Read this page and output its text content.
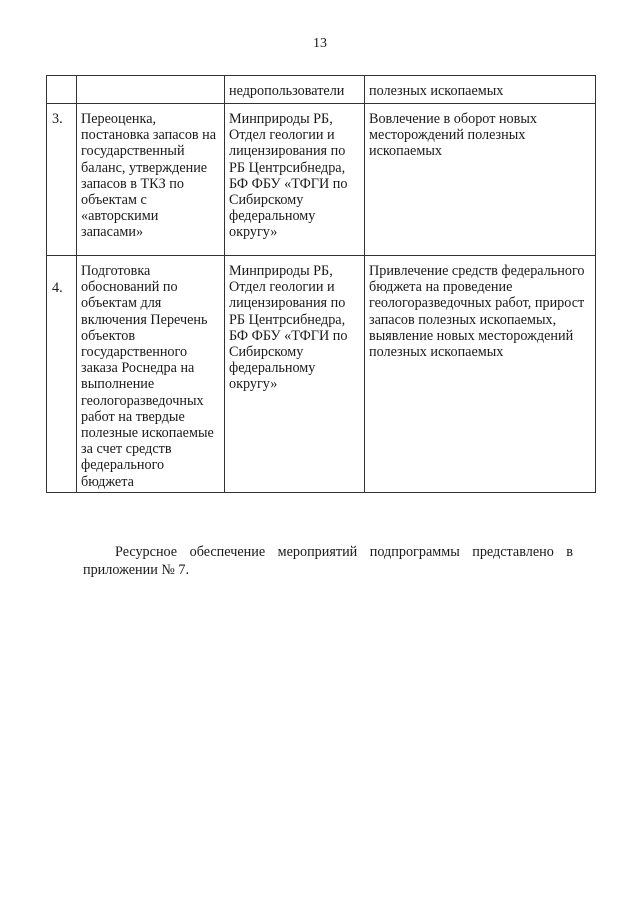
13
		недропользователи	полезных ископаемых
3.	Переоценка, постановка запасов на государственный баланс, утверждение запасов в ТКЗ по объектам с «авторскими запасами»	Минприроды РБ, Отдел геологии и лицензирования по РБ Центрсибнедра, БФ ФБУ «ТФГИ по Сибирскому федеральному округу»	Вовлечение в оборот новых месторождений полезных ископаемых
4.	Подготовка обоснований по объектам для включения Перечень объектов государственного заказа Роснедра на выполнение геологоразведочных работ на твердые полезные ископаемые за счет средств федерального бюджета	Минприроды РБ, Отдел геологии и лицензирования по РБ Центрсибнедра, БФ ФБУ «ТФГИ по Сибирскому федеральному округу»	Привлечение средств федерального бюджета на проведение геологоразведочных работ, прирост запасов полезных ископаемых, выявление новых месторождений полезных ископаемых

Ресурсное обеспечение мероприятий подпрограммы представлено в приложении № 7.
